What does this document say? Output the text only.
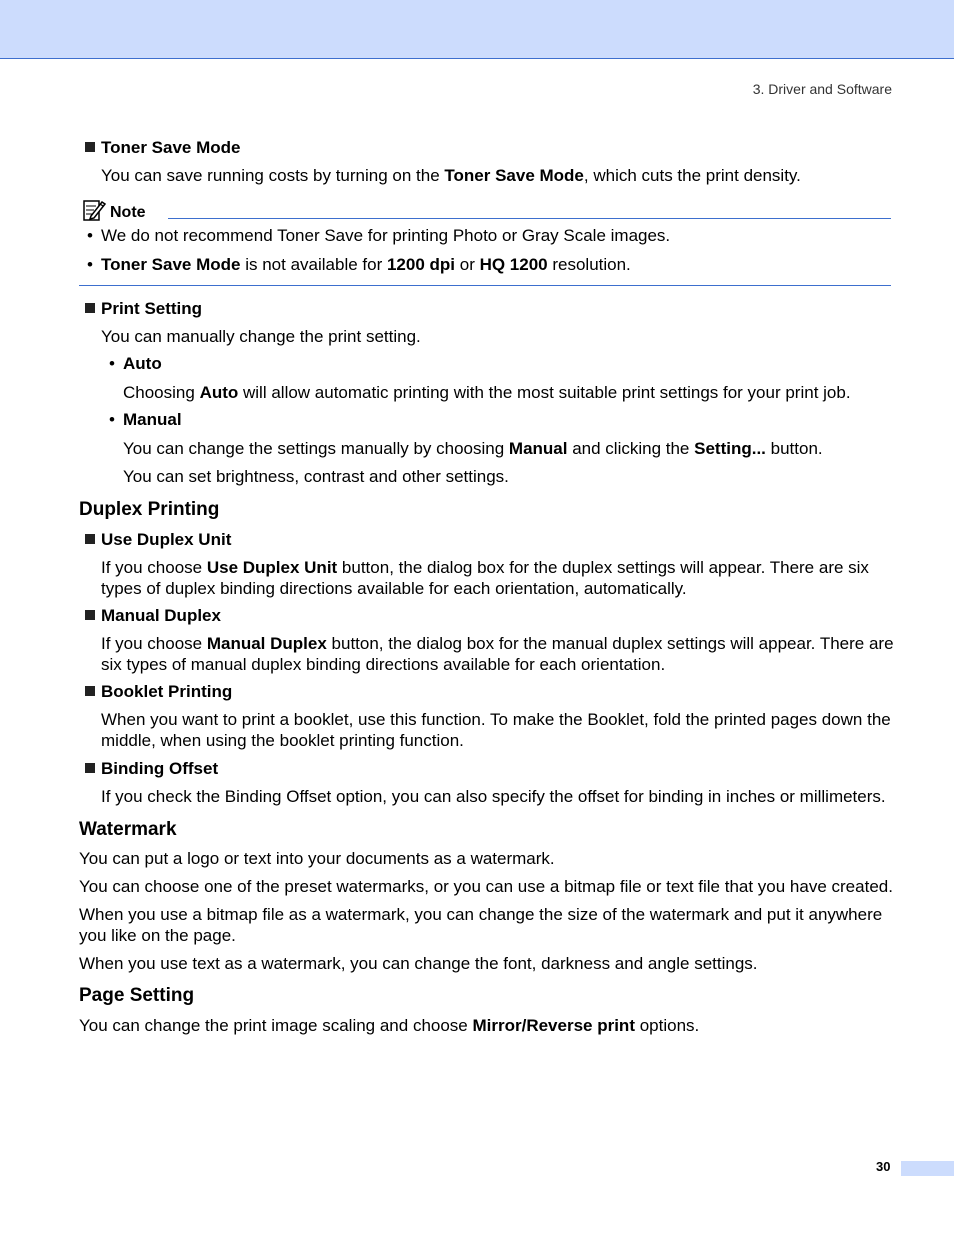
3. Driver and Software
Toner Save Mode
You can save running costs by turning on the Toner Save Mode, which cuts the print density.
Note
• We do not recommend Toner Save for printing Photo or Gray Scale images.
• Toner Save Mode is not available for 1200 dpi or HQ 1200 resolution.
Print Setting
You can manually change the print setting.
• Auto
Choosing Auto will allow automatic printing with the most suitable print settings for your print job.
• Manual
You can change the settings manually by choosing Manual and clicking the Setting... button.
You can set brightness, contrast and other settings.
Duplex Printing
Use Duplex Unit
If you choose Use Duplex Unit button, the dialog box for the duplex settings will appear. There are six
types of duplex binding directions available for each orientation, automatically.
Manual Duplex
If you choose Manual Duplex button, the dialog box for the manual duplex settings will appear. There are
six types of manual duplex binding directions available for each orientation.
Booklet Printing
When you want to print a booklet, use this function. To make the Booklet, fold the printed pages down the
middle, when using the booklet printing function.
Binding Offset
If you check the Binding Offset option, you can also specify the offset for binding in inches or millimeters.
Watermark
You can put a logo or text into your documents as a watermark.
You can choose one of the preset watermarks, or you can use a bitmap file or text file that you have created.
When you use a bitmap file as a watermark, you can change the size of the watermark and put it anywhere
you like on the page.
When you use text as a watermark, you can change the font, darkness and angle settings.
Page Setting
You can change the print image scaling and choose Mirror/Reverse print options.
30
